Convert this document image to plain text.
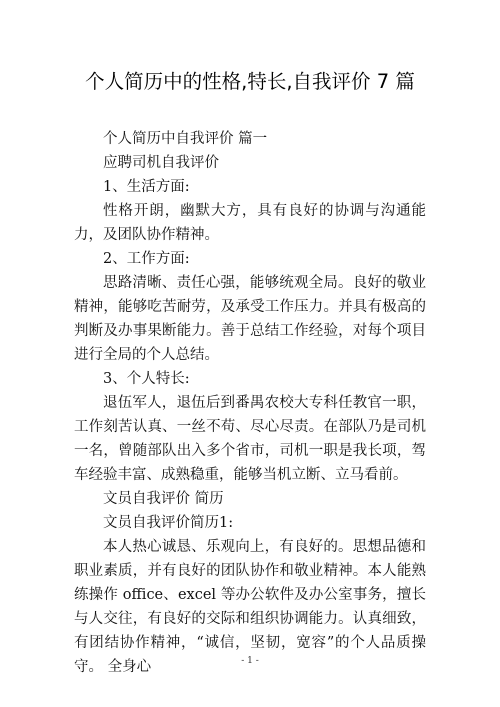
个人简历中的性格,特长,自我评价 7 篇

个人简历中自我评价 篇一

应聘司机自我评价

1、生活方面:

性格开朗，幽默大方，具有良好的协调与沟通能力，及团队协作精神。

2、工作方面:

思路清晰、责任心强，能够统观全局。良好的敬业精神，能够吃苦耐劳，及承受工作压力。并具有极高的判断及办事果断能力。善于总结工作经验，对每个项目进行全局的个人总结。

3、个人特长:

退伍军人，退伍后到番禺农校大专科任教官一职，工作刻苦认真、一丝不苟、尽心尽责。在部队乃是司机一名，曾随部队出入多个省市，司机一职是我长项，驾车经验丰富、成熟稳重，能够当机立断、立马看前。

文员自我评价 简历

文员自我评价简历1:

本人热心诚恳、乐观向上，有良好的。思想品德和职业素质，并有良好的团队协作和敬业精神。本人能熟练操作 office、excel 等办公软件及办公室事务，擅长与人交往，有良好的交际和组织协调能力。认真细致，有团结协作精神，“诚信，坚韧，宽容”的个人品质操守。 全身心	- 1 -
